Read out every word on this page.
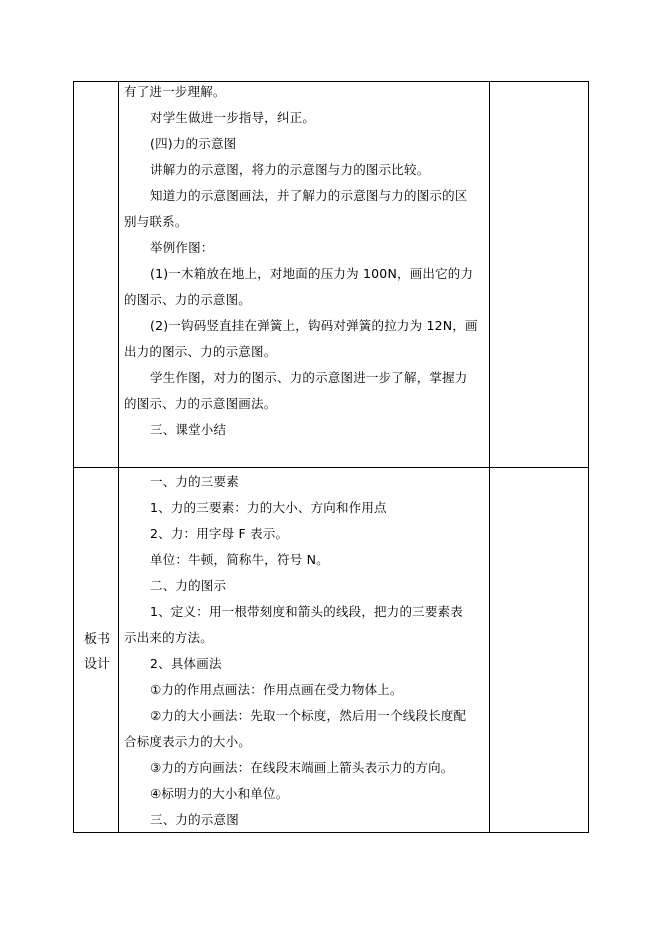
有了进一步理解。
对学生做进一步指导，纠正。
(四)力的示意图
讲解力的示意图，将力的示意图与力的图示比较。
知道力的示意图画法，并了解力的示意图与力的图示的区
别与联系。
举例作图：
(1)一木箱放在地上，对地面的压力为 100N，画出它的力
的图示、力的示意图。
(2)一钩码竖直挂在弹簧上，钩码对弹簧的拉力为 12N，画
出力的图示、力的示意图。
学生作图，对力的图示、力的示意图进一步了解，掌握力
的图示、力的示意图画法。
三、课堂小结
板书
设计
一、力的三要素
1、力的三要素：力的大小、方向和作用点
2、力：用字母 F 表示。
单位：牛顿，简称牛，符号 N。
二、力的图示
1、定义：用一根带刻度和箭头的线段，把力的三要素表
示出来的方法。
2、具体画法
①力的作用点画法：作用点画在受力物体上。
②力的大小画法：先取一个标度，然后用一个线段长度配
合标度表示力的大小。
③力的方向画法：在线段末端画上箭头表示力的方向。
④标明力的大小和单位。
三、力的示意图
